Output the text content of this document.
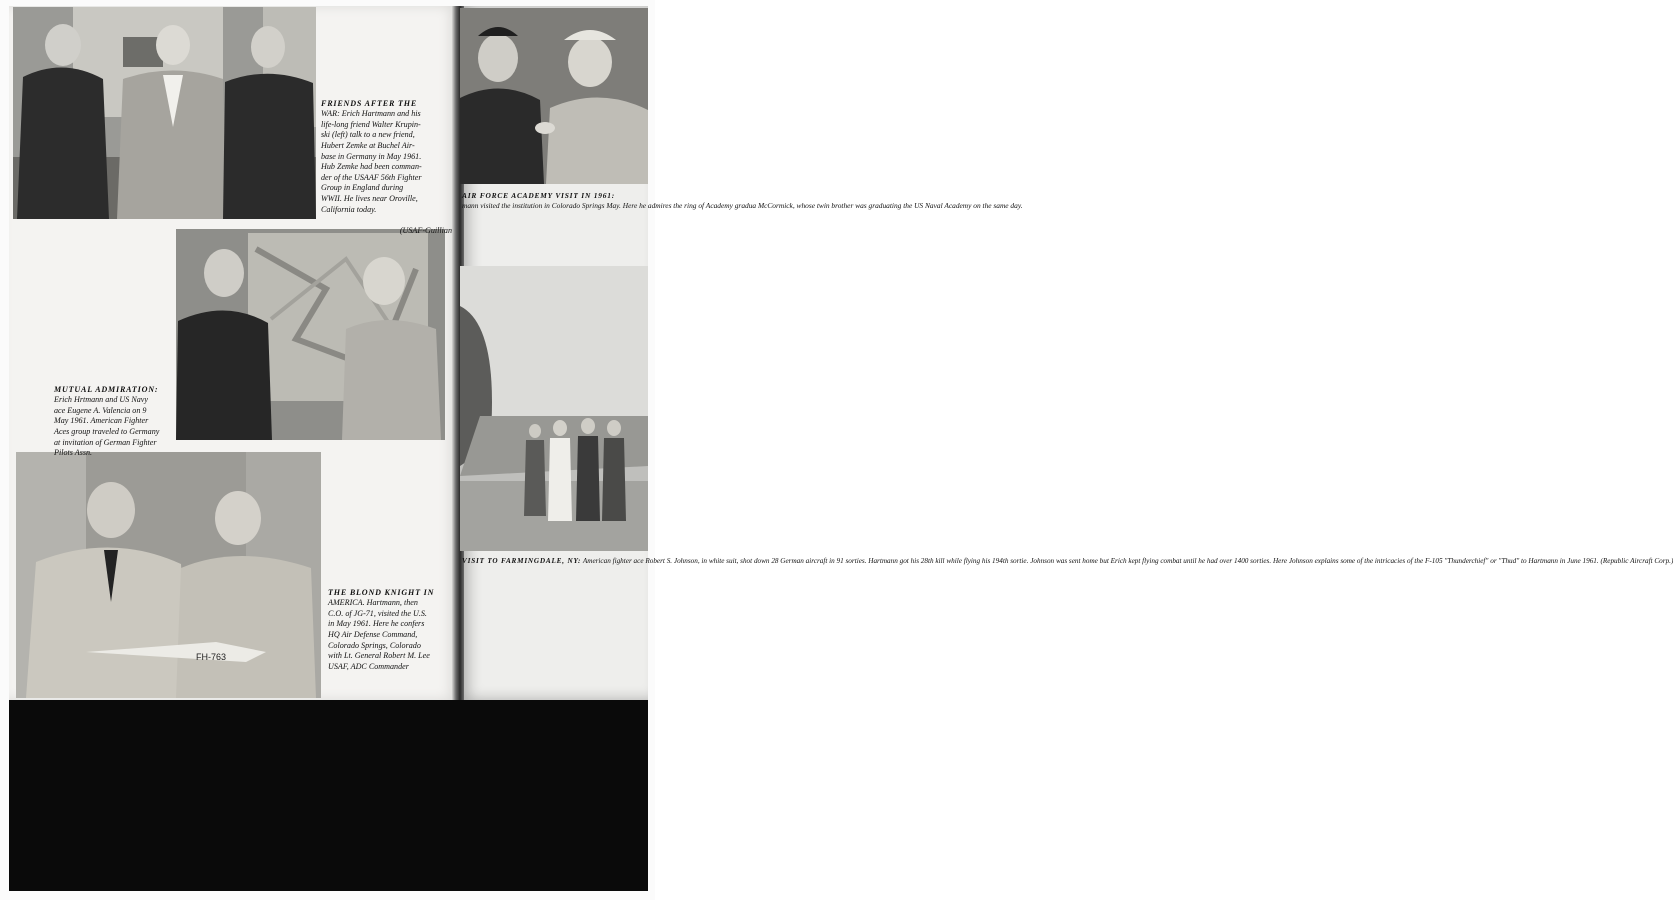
FH-763

FRIENDS AFTER THE

WAR: Erich Hartmann and his
life-long friend Walter Krupin-
ski (left) talk to a new friend,
Hubert Zemke at Buchel Air-
base in Germany in May 1961.
Hub Zemke had been comman-
der of the USAAF 56th Fighter
Group in England during
WWII. He lives near Oroville,
California today.

(USAF-Guillian

MUTUAL ADMIRATION:

Erich Hrtmann and US Navy
ace Eugene A. Valencia on 9
May 1961. American Fighter
Aces group traveled to Germany
at invitation of German Fighter
Pilots Assn.

THE BLOND KNIGHT IN

AMERICA. Hartmann, then
C.O. of JG-71, visited the U.S.
in May 1961. Here he confers
HQ Air Defense Command,
Colorado Springs, Colorado
with Lt. General Robert M. Lee
USAF, ADC Commander

AIR FORCE ACADEMY VISIT IN 1961:
mann visited the institution in Colorado Springs May. Here he admires the ring of Academy gradua McCormick, whose twin brother was graduating the US Naval Academy on the same day.
VISIT TO FARMINGDALE, NY: American fighter ace Robert S. Johnson, in white suit, shot down 28 German aircraft in 91 sorties. Hartmann got his 28th kill while flying his 194th sortie. Johnson was sent home but Erich kept flying combat until he had over 1400 sorties. Here Johnson explains some of the intricacies of the F-105 "Thunderchief" or "Thud" to Hartmann in June 1961. (Republic Aircraft Corp.)
